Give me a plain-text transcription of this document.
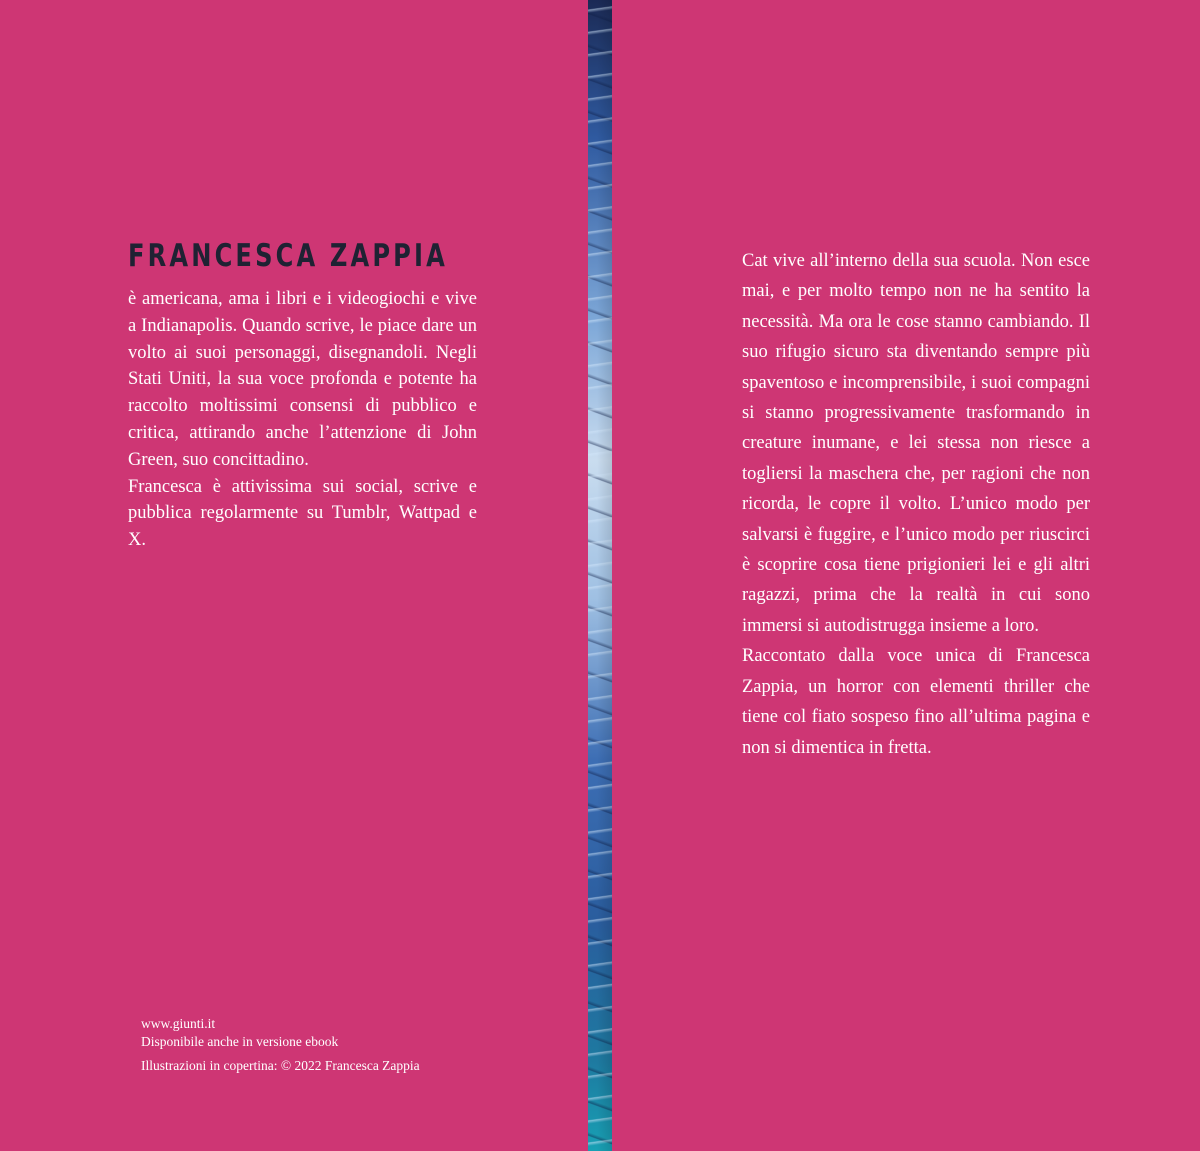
FRANCESCA ZAPPIA

è americana, ama i libri e i videogiochi e vive a Indianapolis. Quando scrive, le piace dare un volto ai suoi personaggi, disegnandoli. Negli Stati Uniti, la sua voce profonda e potente ha raccolto moltissimi consensi di pubblico e critica, attirando anche l’attenzione di John Green, suo concittadino.

Francesca è attivissima sui social, scrive e pubblica regolarmente su Tumblr, Wattpad e X.

www.giunti.it
Disponibile anche in versione ebook
Illustrazioni in copertina: © 2022 Francesca Zappia

Cat vive all’interno della sua scuola. Non esce mai, e per molto tempo non ne ha sentito la necessità. Ma ora le cose stanno cambiando. Il suo rifugio sicuro sta diventando sempre più spaventoso e incomprensibile, i suoi compagni si stanno progressivamente trasformando in creature inumane, e lei stessa non riesce a togliersi la maschera che, per ragioni che non ricorda, le copre il volto. L’unico modo per salvarsi è fuggire, e l’unico modo per riuscirci è scoprire cosa tiene prigionieri lei e gli altri ragazzi, prima che la realtà in cui sono immersi si autodistrugga insieme a loro.

Raccontato dalla voce unica di Francesca Zappia, un horror con elementi thriller che tiene col fiato sospeso fino all’ultima pagina e non si dimentica in fretta.
